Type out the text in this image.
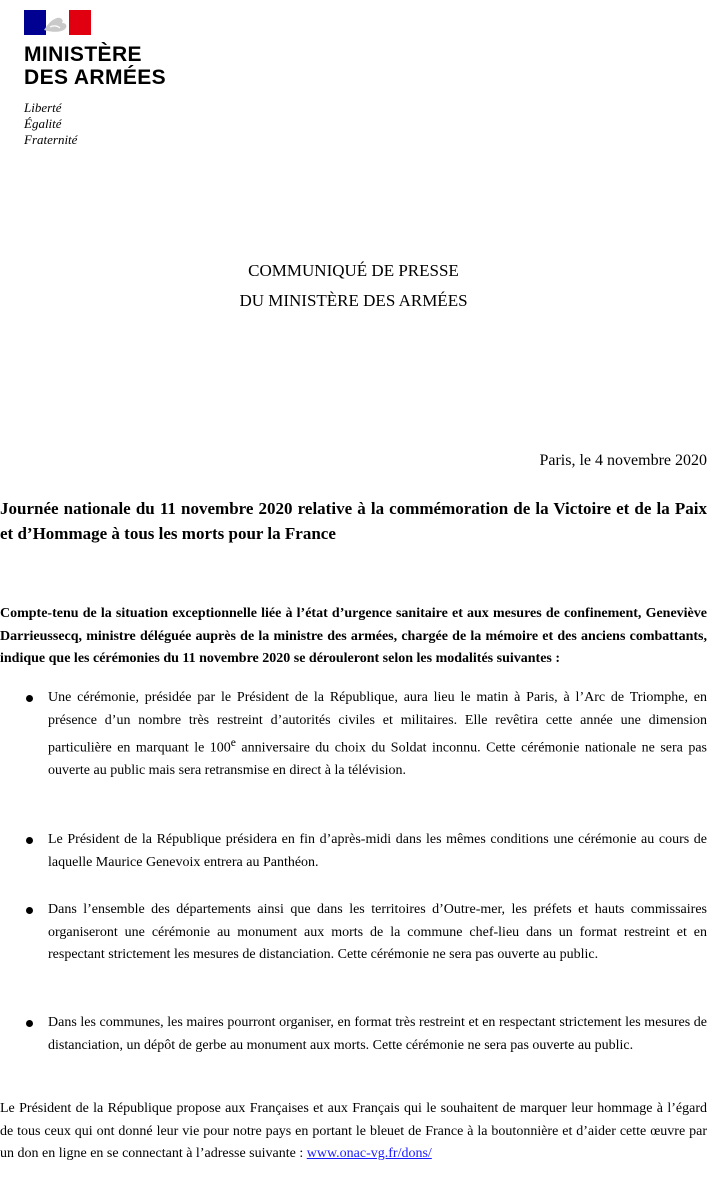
MINISTÈRE
DES ARMÉES
Liberté
Égalité
Fraternité
COMMUNIQUÉ DE PRESSE
DU MINISTÈRE DES ARMÉES
Paris, le 4 novembre 2020
Journée nationale du 11 novembre 2020 relative à la commémoration de la Victoire et de la Paix et d’Hommage à tous les morts pour la France
Compte-tenu de la situation exceptionnelle liée à l’état d’urgence sanitaire et aux mesures de confinement, Geneviève Darrieussecq, ministre déléguée auprès de la ministre des armées, chargée de la mémoire et des anciens combattants, indique que les cérémonies du 11 novembre 2020 se dérouleront selon les modalités suivantes :
Une cérémonie, présidée par le Président de la République, aura lieu le matin à Paris, à l’Arc de Triomphe, en présence d’un nombre très restreint d’autorités civiles et militaires. Elle revêtira cette année une dimension particulière en marquant le 100e anniversaire du choix du Soldat inconnu. Cette cérémonie nationale ne sera pas ouverte au public mais sera retransmise en direct à la télévision.
Le Président de la République présidera en fin d’après-midi dans les mêmes conditions une cérémonie au cours de laquelle Maurice Genevoix entrera au Panthéon.
Dans l’ensemble des départements ainsi que dans les territoires d’Outre-mer, les préfets et hauts commissaires organiseront une cérémonie au monument aux morts de la commune chef-lieu dans un format restreint et en respectant strictement les mesures de distanciation. Cette cérémonie ne sera pas ouverte au public.
Dans les communes, les maires pourront organiser, en format très restreint et en respectant strictement les mesures de distanciation, un dépôt de gerbe au monument aux morts. Cette cérémonie ne sera pas ouverte au public.
Le Président de la République propose aux Françaises et aux Français qui le souhaitent de marquer leur hommage à l’égard de tous ceux qui ont donné leur vie pour notre pays en portant le bleuet de France à la boutonnière et d’aider cette œuvre par un don en ligne en se connectant à l’adresse suivante : www.onac-vg.fr/dons/
